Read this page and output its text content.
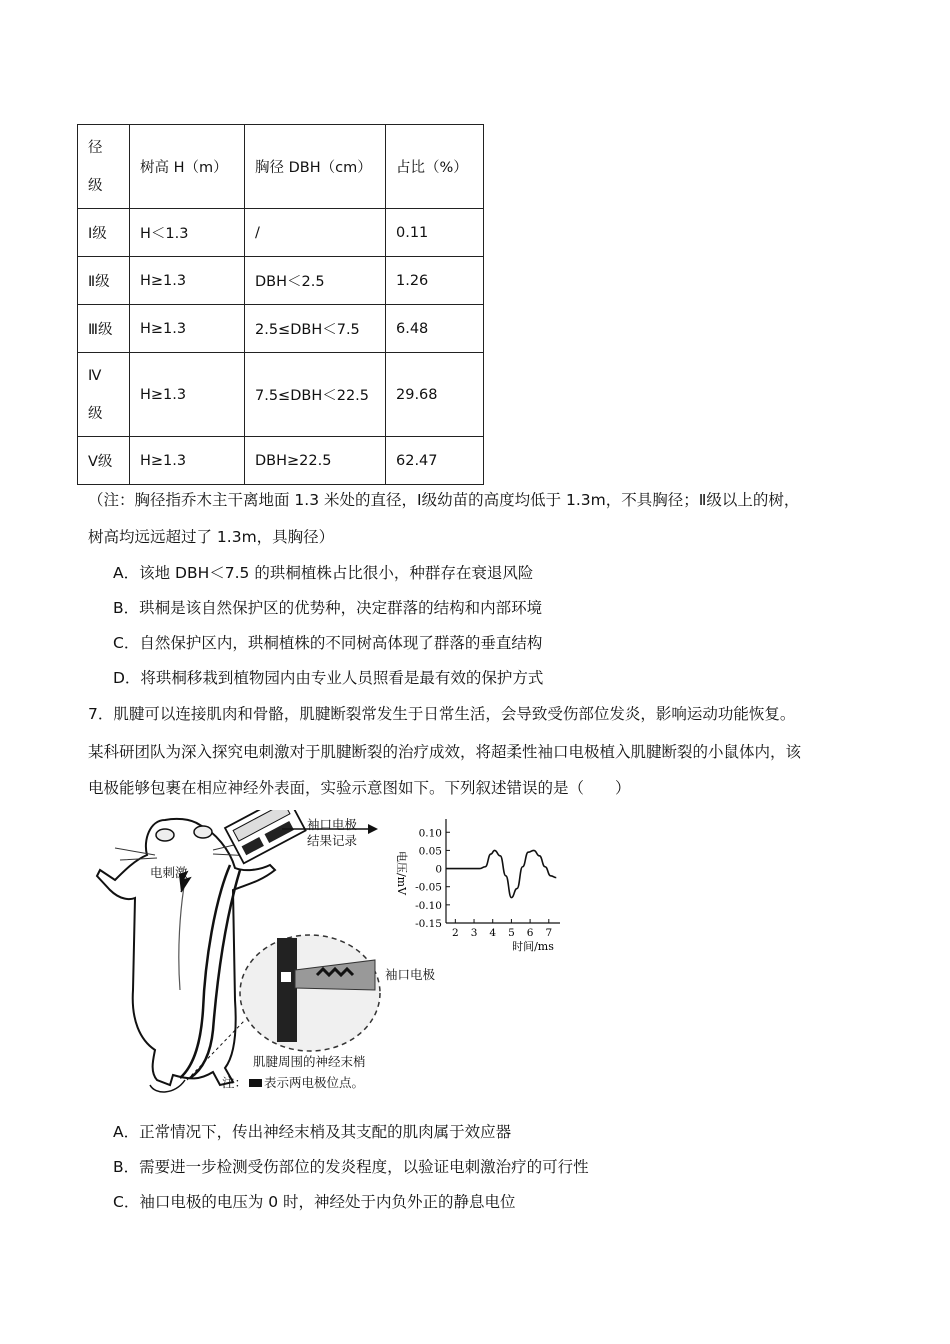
径级	树高 H（m）	胸径 DBH（cm）	占比（%）
Ⅰ级	H＜1.3	/	0.11
Ⅱ级	H≥1.3	DBH＜2.5	1.26
Ⅲ级	H≥1.3	2.5≤DBH＜7.5	6.48

Ⅳ级	H≥1.3	7.5≤DBH＜22.5	29.68
Ⅴ级	H≥1.3	DBH≥22.5	62.47
（注：胸径指乔木主干离地面 1.3 米处的直径，Ⅰ级幼苗的高度均低于 1.3m，不具胸径；Ⅱ级以上的树，
树高均远远超过了 1.3m，具胸径）
A．该地 DBH＜7.5 的珙桐植株占比很小，种群存在衰退风险
B．珙桐是该自然保护区的优势种，决定群落的结构和内部环境
C．自然保护区内，珙桐植株的不同树高体现了群落的垂直结构
D．将珙桐移栽到植物园内由专业人员照看是最有效的保护方式
7．肌腱可以连接肌肉和骨骼，肌腱断裂常发生于日常生活，会导致受伤部位发炎，影响运动功能恢复。
某科研团队为深入探究电刺激对于肌腱断裂的治疗成效，将超柔性袖口电极植入肌腱断裂的小鼠体内，该
电极能够包裹在相应神经外表面，实验示意图如下。下列叙述错误的是（　　）
电刺激
袖口电极
结果记录
袖口电极
肌腱周围的神经末梢
注： 表示两电极位点。
0.10
0.05
0
-0.05
-0.10
-0.15
2 3 4 5 6 7
电压/mV
时间/ms
A．正常情况下，传出神经末梢及其支配的肌肉属于效应器
B．需要进一步检测受伤部位的发炎程度，以验证电刺激治疗的可行性
C．袖口电极的电压为 0 时，神经处于内负外正的静息电位
